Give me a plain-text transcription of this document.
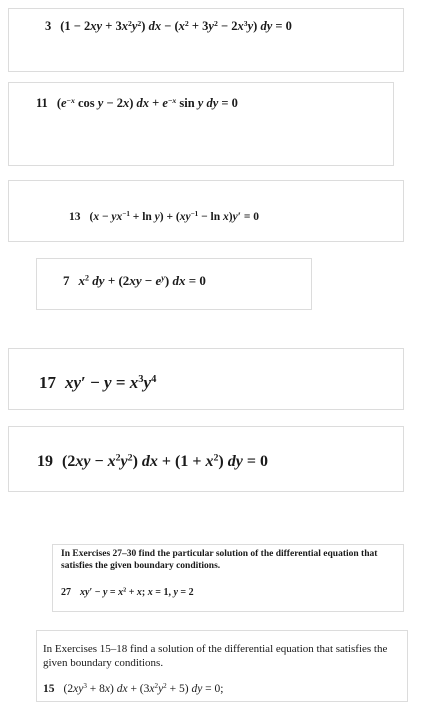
3 $(1 - 2xy + 3x^2y^2)$ dx − $(x^2 + 3y^2 - 2x^3y)$ dy = 0
11 ($e^{-x}$ cos y − 2x) dx + $e^{-x}$ sin y dy = 0
13 $(x - yx^{-1} + \ln y) + (xy^{-1} - \ln x)y' = 0$
7 $x^2$ dy + $(2xy - e^y)$ dx = 0
17 $xy' - y = x^3y^4$
19 $(2xy - x^2y^2)$ dx + $(1 + x^2)$ dy = 0
In Exercises 27–30 find the particular solution of the differential equation that satisfies the given boundary conditions.
27 $xy' - y = x^2 + x$; x = 1, y = 2
In Exercises 15–18 find a solution of the differential equation that satisfies the given boundary conditions.
15 $(2xy^3 + 8x)$ dx + $(3x^2y^2 + 5)$ dy = 0;
